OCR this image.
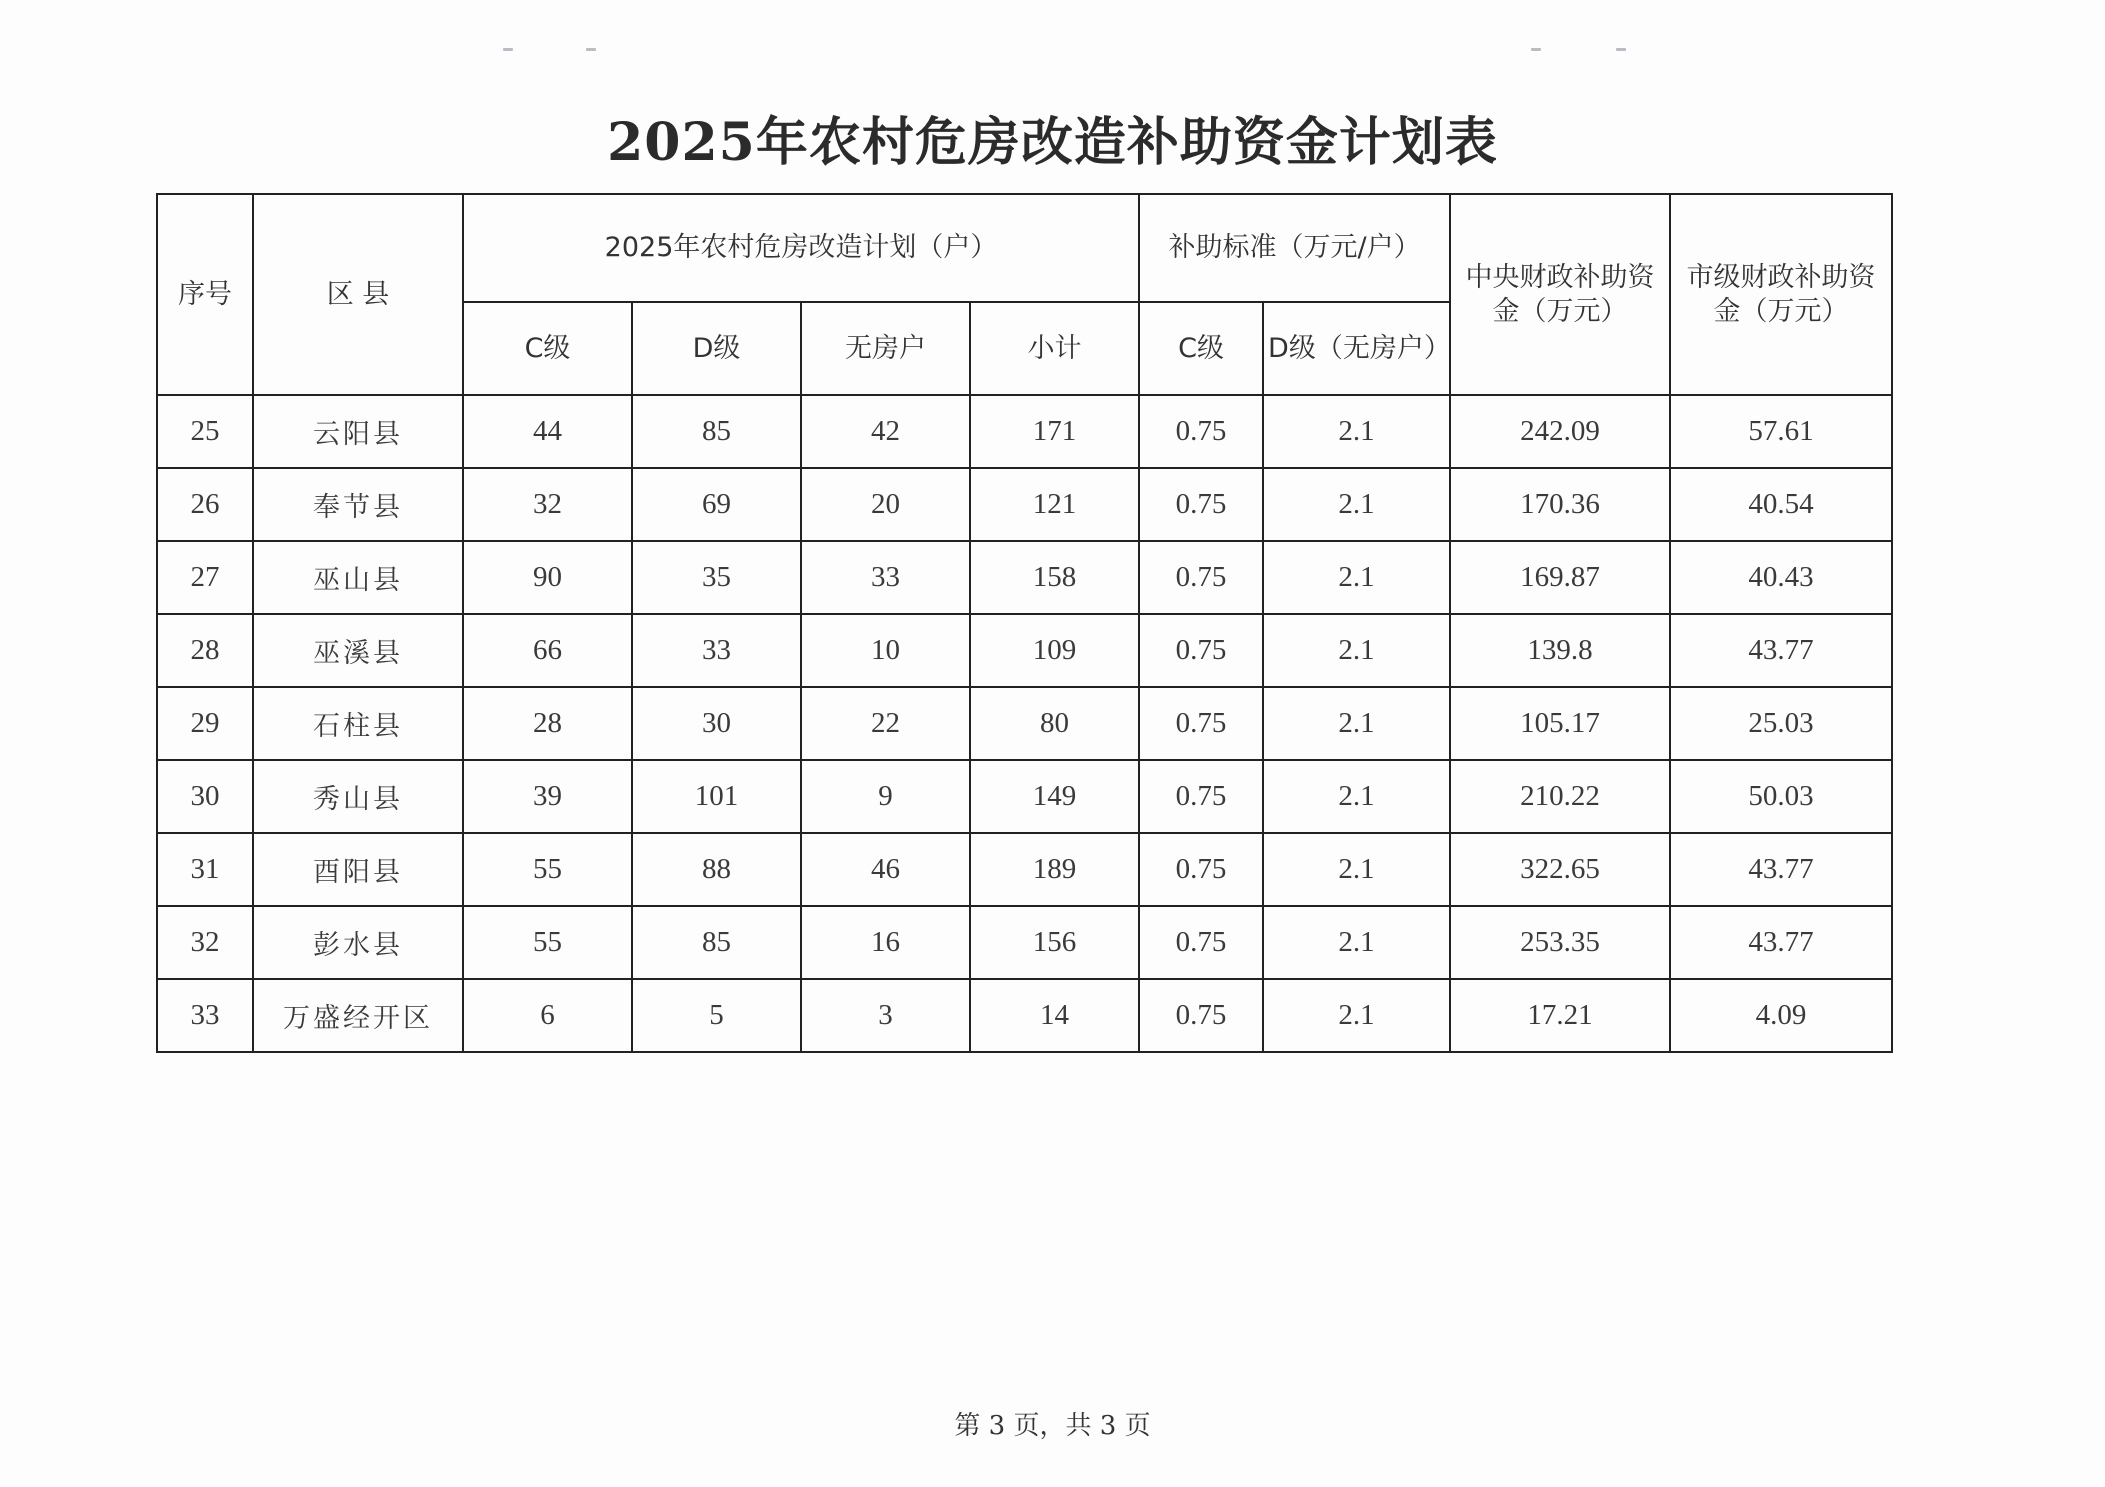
2025年农村危房改造补助资金计划表
序号	区 县	2025年农村危房改造计划（户）				补助标准（万元/户）		中央财政补助资金（万元）	市级财政补助资金（万元）
		C级	D级	无房户	小计	C级	D级（无房户）		
25	云阳县	44	85	42	171	0.75	2.1	242.09	57.61
26	奉节县	32	69	20	121	0.75	2.1	170.36	40.54
27	巫山县	90	35	33	158	0.75	2.1	169.87	40.43
28	巫溪县	66	33	10	109	0.75	2.1	139.8	43.77
29	石柱县	28	30	22	80	0.75	2.1	105.17	25.03
30	秀山县	39	101	9	149	0.75	2.1	210.22	50.03
31	酉阳县	55	88	46	189	0.75	2.1	322.65	43.77
32	彭水县	55	85	16	156	0.75	2.1	253.35	43.77
33	万盛经开区	6	5	3	14	0.75	2.1	17.21	4.09
第 3 页，共 3 页
